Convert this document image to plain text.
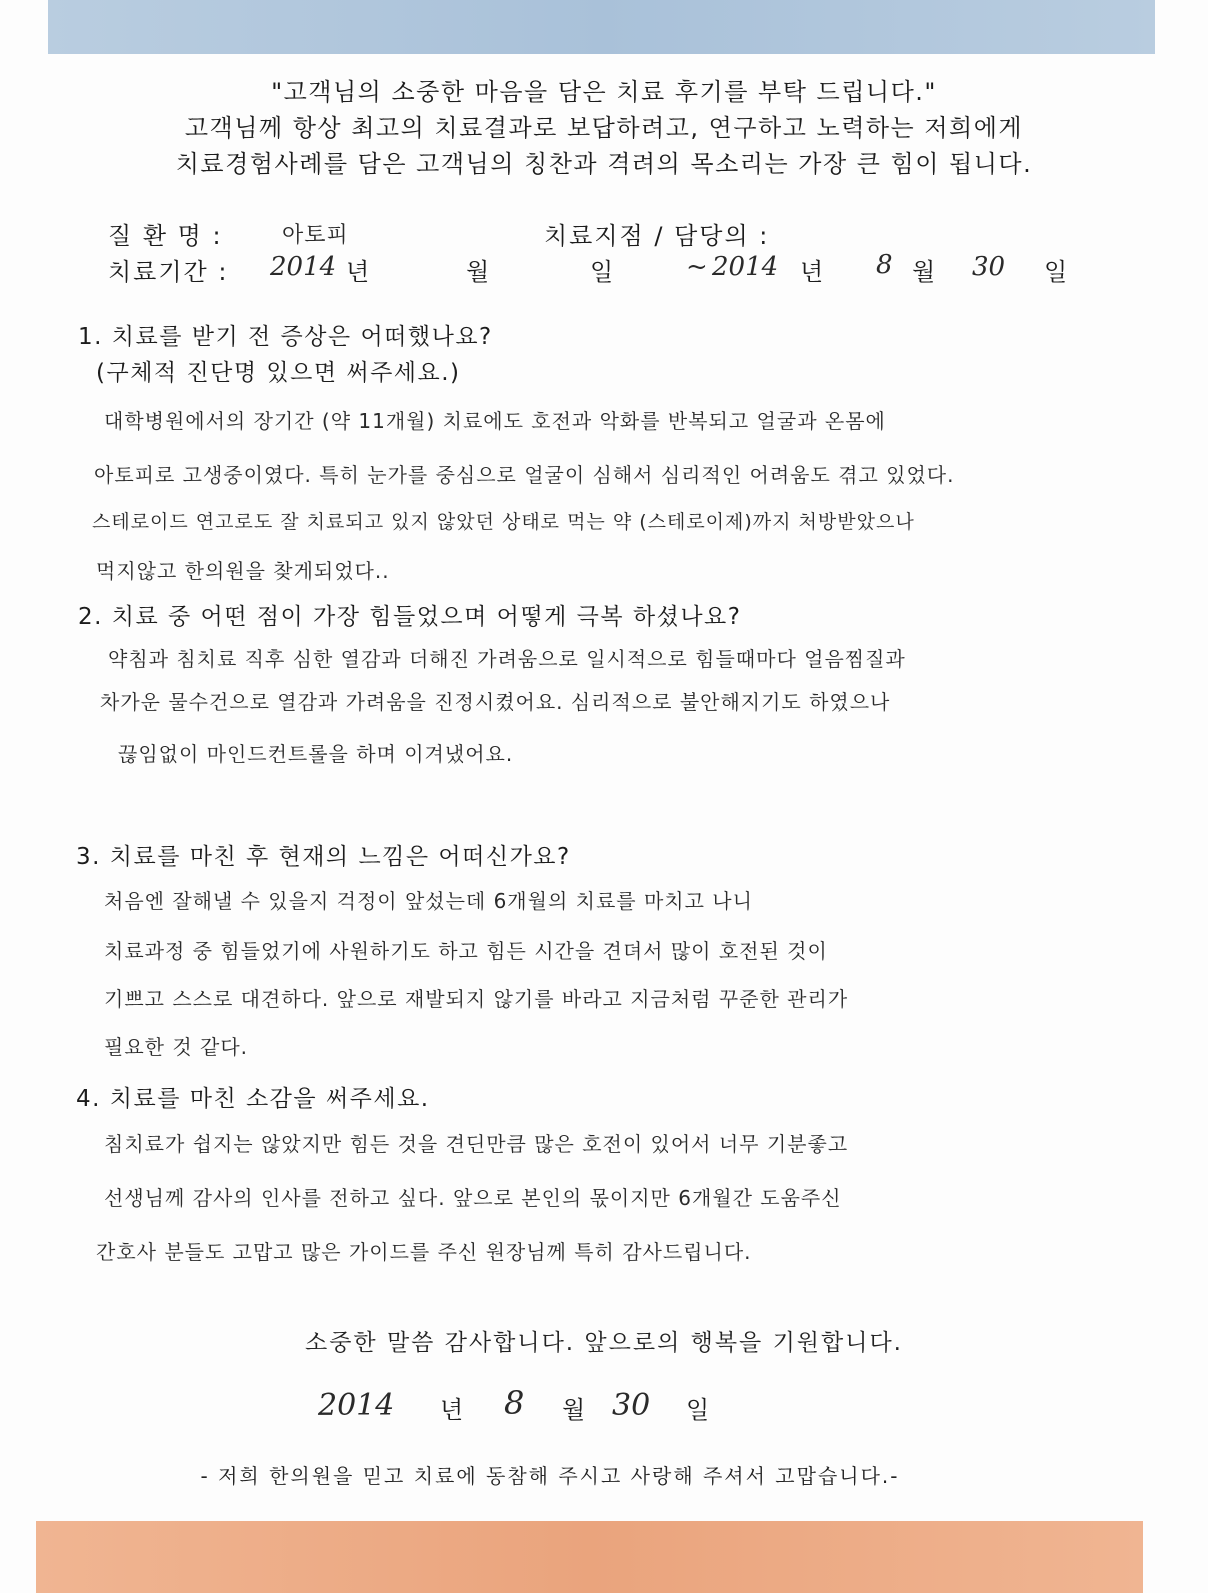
"고객님의 소중한 마음을 담은 치료 후기를 부탁 드립니다."
고객님께 항상 최고의 치료결과로 보답하려고, 연구하고 노력하는 저희에게
치료경험사례를 담은 고객님의 칭찬과 격려의 목소리는 가장 큰 힘이 됩니다.
질 환 명 :	아토피	치료지점 / 담당의 :
치료기간 : 2014 년	월	일	~ 2014 년 8 월 30 일
1. 치료를 받기 전 증상은 어떠했나요?
(구체적 진단명 있으면 써주세요.)
대학병원에서의 장기간 (약 11개월) 치료에도 호전과 악화를 반복되고 얼굴과 온몸에
아토피로 고생중이였다. 특히 눈가를 중심으로 얼굴이 심해서 심리적인 어려움도 겪고 있었다.
스테로이드 연고로도 잘 치료되고 있지 않았던 상태로 먹는 약 (스테로이제)까지 처방받았으나
먹지않고 한의원을 찾게되었다..
2. 치료 중 어떤 점이 가장 힘들었으며 어떻게 극복 하셨나요?
약침과 침치료 직후 심한 열감과 더해진 가려움으로 일시적으로 힘들때마다 얼음찜질과
차가운 물수건으로 열감과 가려움을 진정시켰어요. 심리적으로 불안해지기도 하였으나
끊임없이 마인드컨트롤을 하며 이겨냈어요.
3. 치료를 마친 후 현재의 느낌은 어떠신가요?
처음엔 잘해낼 수 있을지 걱정이 앞섰는데 6개월의 치료를 마치고 나니
치료과정 중 힘들었기에 사원하기도 하고 힘든 시간을 견뎌서 많이 호전된 것이
기쁘고 스스로 대견하다. 앞으로 재발되지 않기를 바라고 지금처럼 꾸준한 관리가
필요한 것 같다.
4. 치료를 마친 소감을 써주세요.
침치료가 쉽지는 않았지만 힘든 것을 견딘만큼 많은 호전이 있어서 너무 기분좋고
선생님께 감사의 인사를 전하고 싶다. 앞으로 본인의 몫이지만 6개월간 도움주신
간호사 분들도 고맙고 많은 가이드를 주신 원장님께 특히 감사드립니다.
소중한 말씀 감사합니다. 앞으로의 행복을 기원합니다.
2014 년 8 월 30 일
- 저희 한의원을 믿고 치료에 동참해 주시고 사랑해 주셔서 고맙습니다.-
